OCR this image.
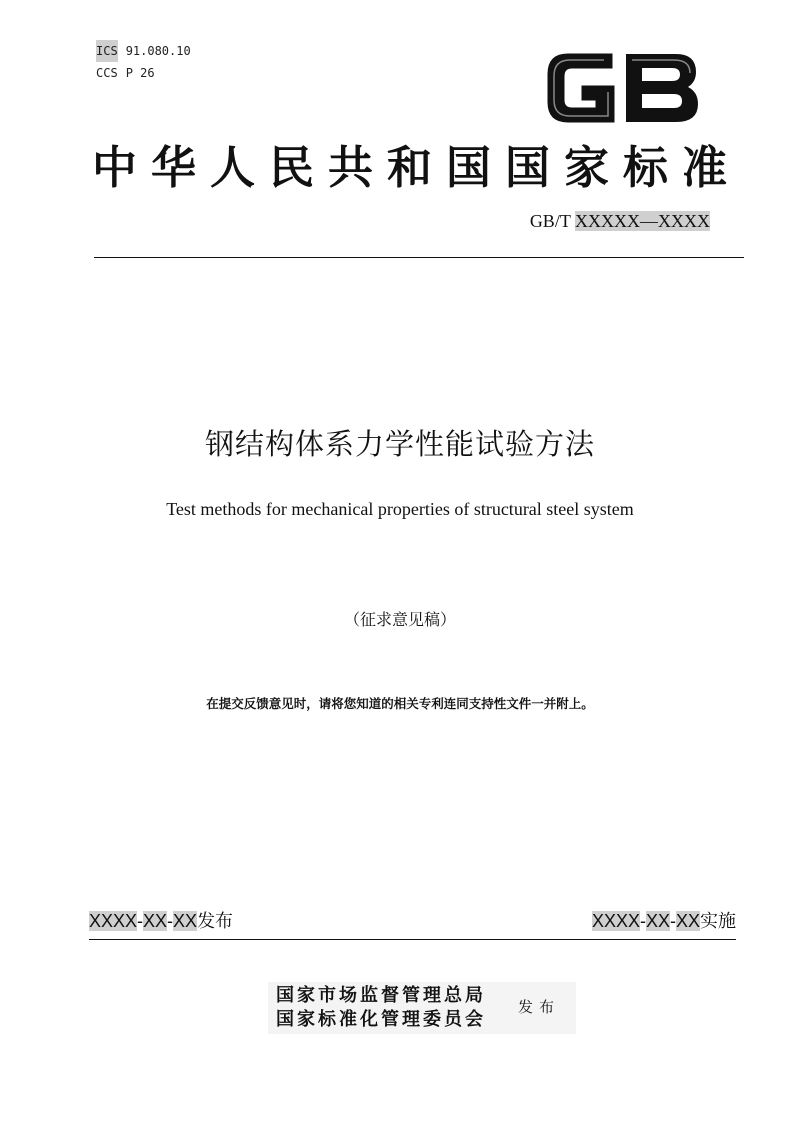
ICS 91.080.10
CCS P 26
中华人民共和国国家标准
GB/T XXXXX—XXXX
钢结构体系力学性能试验方法
Test methods for mechanical properties of structural steel system
（征求意见稿）
在提交反馈意见时，请将您知道的相关专利连同支持性文件一并附上。
XXXX-XX-XX发布	XXXX-XX-XX实施
国家市场监督管理总局
国家标准化管理委员会
发布
